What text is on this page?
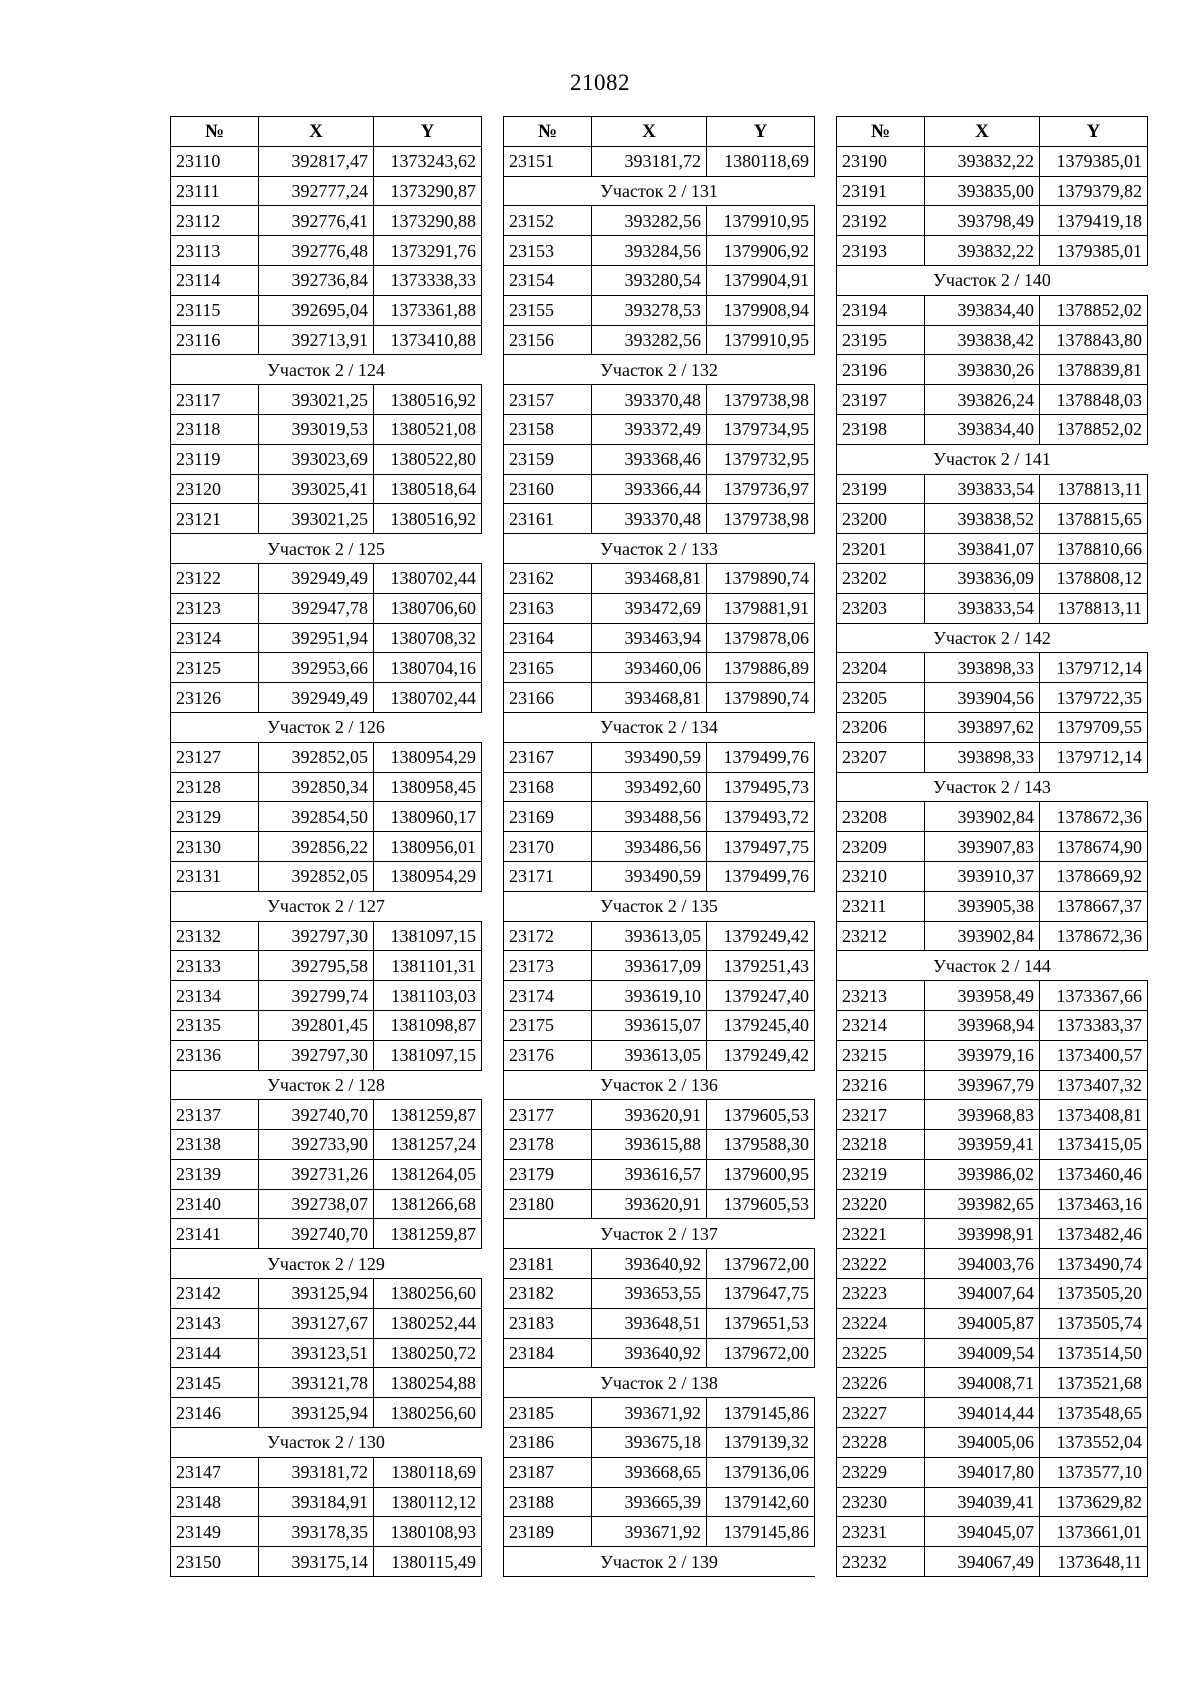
21082
№	X	Y
23110	392817,47	1373243,62
23111	392777,24	1373290,87
23112	392776,41	1373290,88
23113	392776,48	1373291,76
23114	392736,84	1373338,33
23115	392695,04	1373361,88
23116	392713,91	1373410,88
Участок 2 / 124		
23117	393021,25	1380516,92
23118	393019,53	1380521,08
23119	393023,69	1380522,80
23120	393025,41	1380518,64
23121	393021,25	1380516,92
Участок 2 / 125		
23122	392949,49	1380702,44
23123	392947,78	1380706,60
23124	392951,94	1380708,32
23125	392953,66	1380704,16
23126	392949,49	1380702,44
Участок 2 / 126		
23127	392852,05	1380954,29
23128	392850,34	1380958,45
23129	392854,50	1380960,17
23130	392856,22	1380956,01
23131	392852,05	1380954,29
Участок 2 / 127		
23132	392797,30	1381097,15
23133	392795,58	1381101,31
23134	392799,74	1381103,03
23135	392801,45	1381098,87
23136	392797,30	1381097,15
Участок 2 / 128		
23137	392740,70	1381259,87
23138	392733,90	1381257,24
23139	392731,26	1381264,05
23140	392738,07	1381266,68
23141	392740,70	1381259,87
Участок 2 / 129		
23142	393125,94	1380256,60
23143	393127,67	1380252,44
23144	393123,51	1380250,72
23145	393121,78	1380254,88
23146	393125,94	1380256,60
Участок 2 / 130		
23147	393181,72	1380118,69
23148	393184,91	1380112,12
23149	393178,35	1380108,93
23150	393175,14	1380115,49
№	X	Y
23151	393181,72	1380118,69
Участок 2 / 131		
23152	393282,56	1379910,95
23153	393284,56	1379906,92
23154	393280,54	1379904,91
23155	393278,53	1379908,94
23156	393282,56	1379910,95
Участок 2 / 132		
23157	393370,48	1379738,98
23158	393372,49	1379734,95
23159	393368,46	1379732,95
23160	393366,44	1379736,97
23161	393370,48	1379738,98
Участок 2 / 133		
23162	393468,81	1379890,74
23163	393472,69	1379881,91
23164	393463,94	1379878,06
23165	393460,06	1379886,89
23166	393468,81	1379890,74
Участок 2 / 134		
23167	393490,59	1379499,76
23168	393492,60	1379495,73
23169	393488,56	1379493,72
23170	393486,56	1379497,75
23171	393490,59	1379499,76
Участок 2 / 135		
23172	393613,05	1379249,42
23173	393617,09	1379251,43
23174	393619,10	1379247,40
23175	393615,07	1379245,40
23176	393613,05	1379249,42
Участок 2 / 136		
23177	393620,91	1379605,53
23178	393615,88	1379588,30
23179	393616,57	1379600,95
23180	393620,91	1379605,53
Участок 2 / 137		
23181	393640,92	1379672,00
23182	393653,55	1379647,75
23183	393648,51	1379651,53
23184	393640,92	1379672,00
Участок 2 / 138		
23185	393671,92	1379145,86
23186	393675,18	1379139,32
23187	393668,65	1379136,06
23188	393665,39	1379142,60
23189	393671,92	1379145,86
Участок 2 / 139		
№	X	Y
23190	393832,22	1379385,01
23191	393835,00	1379379,82
23192	393798,49	1379419,18
23193	393832,22	1379385,01
Участок 2 / 140		
23194	393834,40	1378852,02
23195	393838,42	1378843,80
23196	393830,26	1378839,81
23197	393826,24	1378848,03
23198	393834,40	1378852,02
Участок 2 / 141		
23199	393833,54	1378813,11
23200	393838,52	1378815,65
23201	393841,07	1378810,66
23202	393836,09	1378808,12
23203	393833,54	1378813,11
Участок 2 / 142		
23204	393898,33	1379712,14
23205	393904,56	1379722,35
23206	393897,62	1379709,55
23207	393898,33	1379712,14
Участок 2 / 143		
23208	393902,84	1378672,36
23209	393907,83	1378674,90
23210	393910,37	1378669,92
23211	393905,38	1378667,37
23212	393902,84	1378672,36
Участок 2 / 144		
23213	393958,49	1373367,66
23214	393968,94	1373383,37
23215	393979,16	1373400,57
23216	393967,79	1373407,32
23217	393968,83	1373408,81
23218	393959,41	1373415,05
23219	393986,02	1373460,46
23220	393982,65	1373463,16
23221	393998,91	1373482,46
23222	394003,76	1373490,74
23223	394007,64	1373505,20
23224	394005,87	1373505,74
23225	394009,54	1373514,50
23226	394008,71	1373521,68
23227	394014,44	1373548,65
23228	394005,06	1373552,04
23229	394017,80	1373577,10
23230	394039,41	1373629,82
23231	394045,07	1373661,01
23232	394067,49	1373648,11
